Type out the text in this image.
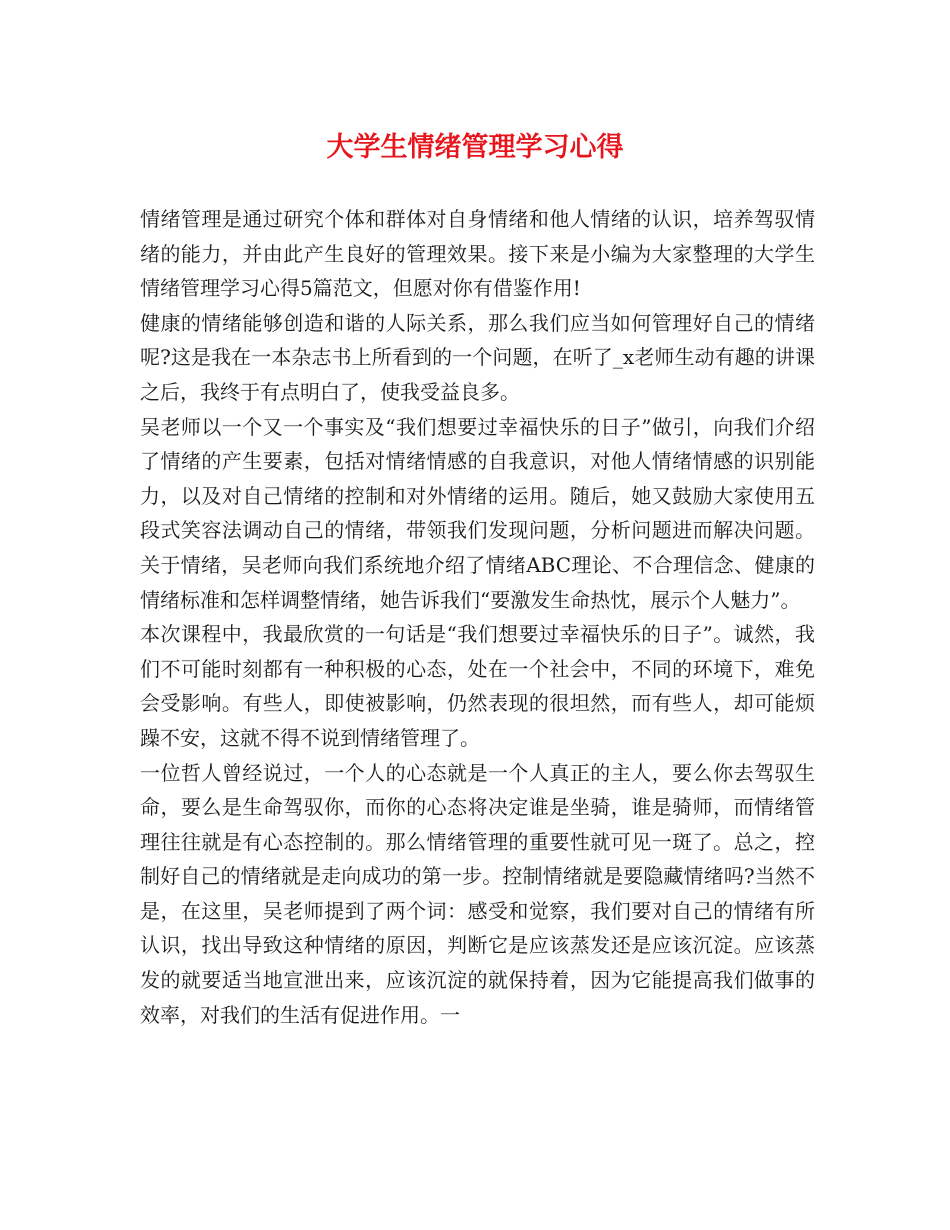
大学生情绪管理学习心得

情绪管理是通过研究个体和群体对自身情绪和他人情绪的认识，培养驾驭情绪的能力，并由此产生良好的管理效果。接下来是小编为大家整理的大学生情绪管理学习心得5篇范文，但愿对你有借鉴作用!

健康的情绪能够创造和谐的人际关系，那么我们应当如何管理好自己的情绪呢?这是我在一本杂志书上所看到的一个问题，在听了_x老师生动有趣的讲课之后，我终于有点明白了，使我受益良多。

吴老师以一个又一个事实及“我们想要过幸福快乐的日子”做引，向我们介绍了情绪的产生要素，包括对情绪情感的自我意识，对他人情绪情感的识别能力，以及对自己情绪的控制和对外情绪的运用。随后，她又鼓励大家使用五段式笑容法调动自己的情绪，带领我们发现问题，分析问题进而解决问题。关于情绪，吴老师向我们系统地介绍了情绪ABC理论、不合理信念、健康的情绪标准和怎样调整情绪，她告诉我们“要激发生命热忱，展示个人魅力”。

本次课程中，我最欣赏的一句话是“我们想要过幸福快乐的日子”。诚然，我们不可能时刻都有一种积极的心态，处在一个社会中，不同的环境下，难免会受影响。有些人，即使被影响，仍然表现的很坦然，而有些人，却可能烦躁不安，这就不得不说到情绪管理了。

一位哲人曾经说过，一个人的心态就是一个人真正的主人，要么你去驾驭生命，要么是生命驾驭你，而你的心态将决定谁是坐骑，谁是骑师，而情绪管理往往就是有心态控制的。那么情绪管理的重要性就可见一斑了。总之，控制好自己的情绪就是走向成功的第一步。控制情绪就是要隐藏情绪吗?当然不是，在这里，吴老师提到了两个词：感受和觉察，我们要对自己的情绪有所认识，找出导致这种情绪的原因，判断它是应该蒸发还是应该沉淀。应该蒸发的就要适当地宣泄出来，应该沉淀的就保持着，因为它能提高我们做事的效率，对我们的生活有促进作用。一
